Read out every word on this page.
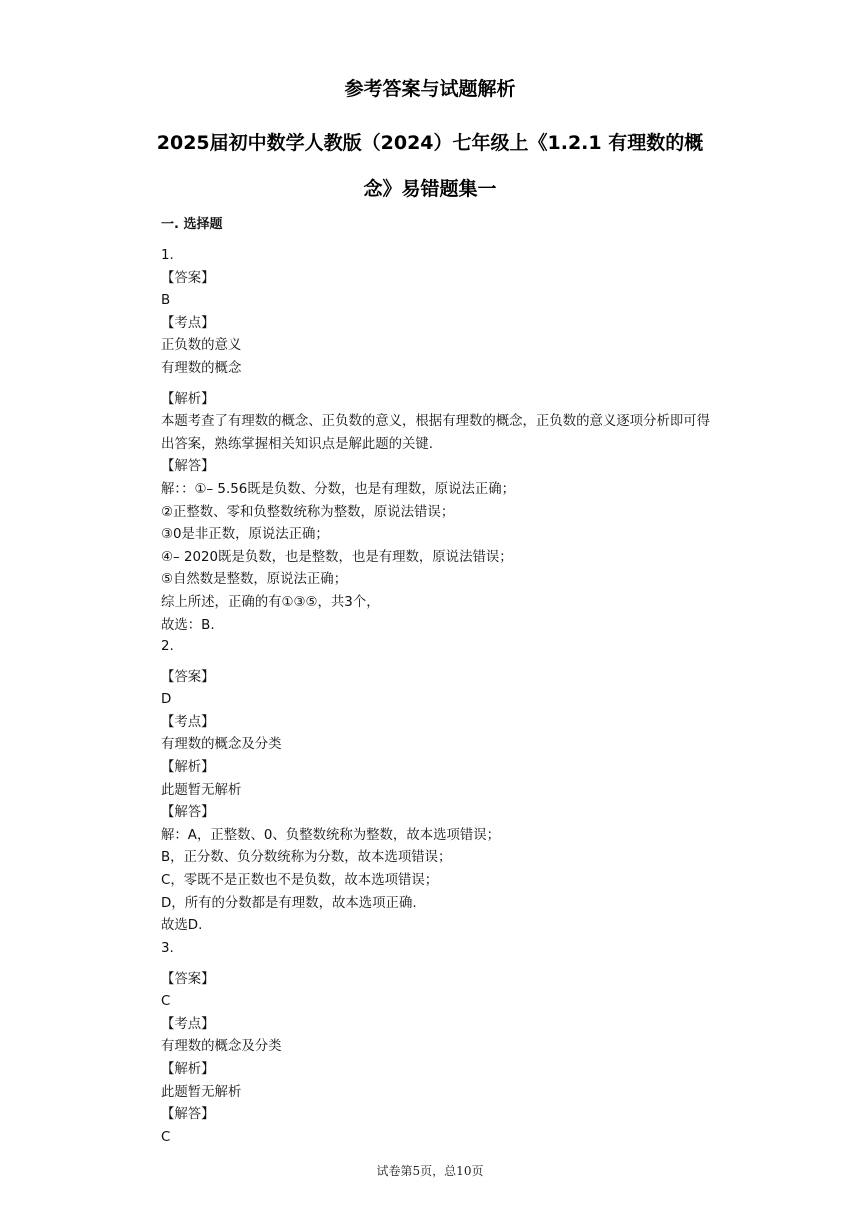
参考答案与试题解析
2025届初中数学人教版（2024）七年级上《1.2.1 有理数的概念》易错题集一
一. 选择题
1.
【答案】
B
【考点】
正负数的意义
有理数的概念
【解析】
本题考查了有理数的概念、正负数的意义，根据有理数的概念，正负数的意义逐项分析即可得出答案，熟练掌握相关知识点是解此题的关键.
【解答】
解：：①– 5.56既是负数、分数，也是有理数，原说法正确；
②正整数、零和负整数统称为整数，原说法错误；
③0是非正数，原说法正确；
④– 2020既是负数，也是整数，也是有理数，原说法错误；
⑤自然数是整数，原说法正确；
综上所述，正确的有①③⑤，共3个，
故选：B.
2.
【答案】
D
【考点】
有理数的概念及分类
【解析】
此题暂无解析
【解答】
解：A，正整数、0、负整数统称为整数，故本选项错误；
B，正分数、负分数统称为分数，故本选项错误；
C，零既不是正数也不是负数，故本选项错误；
D，所有的分数都是有理数，故本选项正确.
故选D.
3.
【答案】
C
【考点】
有理数的概念及分类
【解析】
此题暂无解析
【解答】
C
试卷第5页，总10页
